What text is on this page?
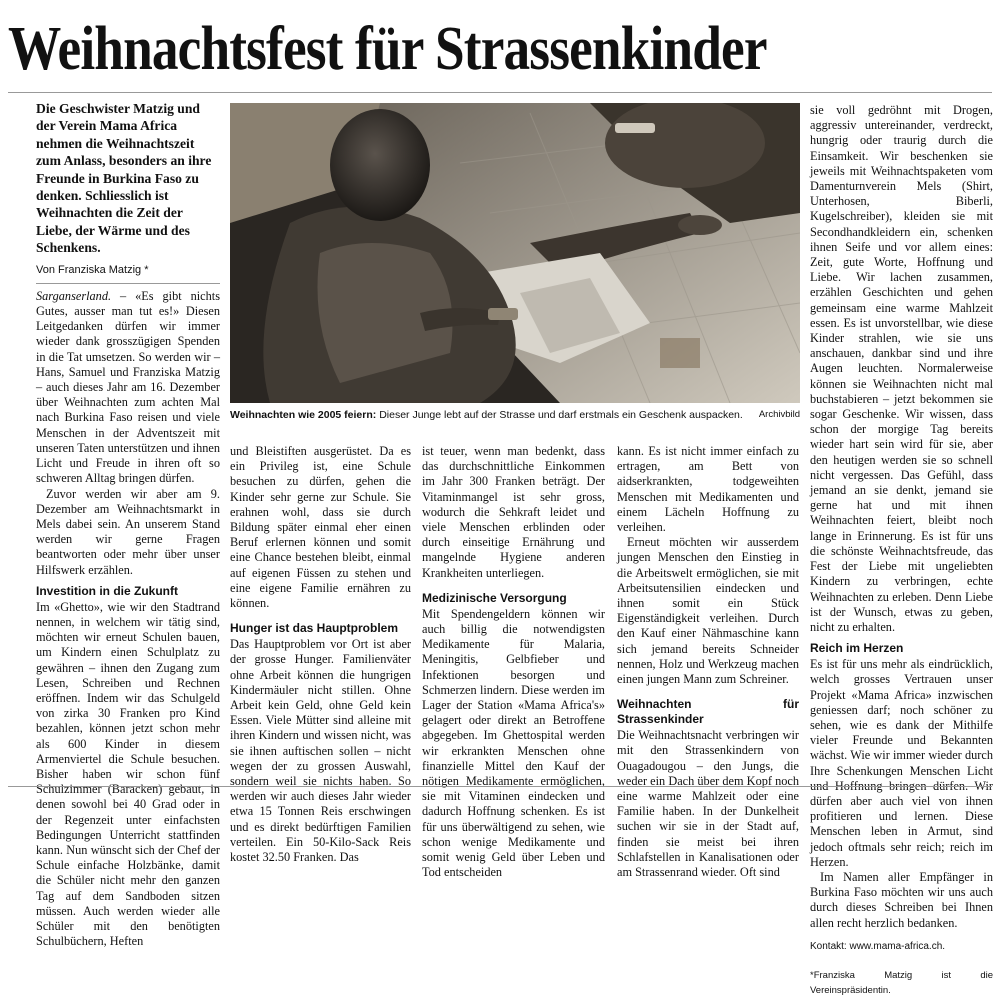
Weihnachtsfest für Strassenkinder
Die Geschwister Matzig und der Verein Mama Africa nehmen die Weihnachtszeit zum Anlass, besonders an ihre Freunde in Burkina Faso zu denken. Schliesslich ist Weihnachten die Zeit der Liebe, der Wärme und des Schenkens.
Von Franziska Matzig *

Sarganserland. – «Es gibt nichts Gutes, ausser man tut es!» Diesen Leitgedanken dürfen wir immer wieder dank grosszügigen Spenden in die Tat umsetzen. So werden wir – Hans, Samuel und Franziska Matzig – auch dieses Jahr am 16. Dezember über Weihnachten zum achten Mal nach Burkina Faso reisen und viele Menschen in der Adventszeit mit unseren Taten unterstützen und ihnen Licht und Freude in ihren oft so schweren Alltag bringen dürfen.

Zuvor werden wir aber am 9. Dezember am Weihnachtsmarkt in Mels dabei sein. An unserem Stand werden wir gerne Fragen beantworten oder mehr über unser Hilfswerk erzählen.

Investition in die Zukunft

Im «Ghetto», wie wir den Stadtrand nennen, in welchem wir tätig sind, möchten wir erneut Schulen bauen, um Kindern einen Schulplatz zu gewähren – ihnen den Zugang zum Lesen, Schreiben und Rechnen eröffnen. Indem wir das Schulgeld von zirka 30 Franken pro Kind bezahlen, können jetzt schon mehr als 600 Kinder in diesem Armenviertel die Schule besuchen. Bisher haben wir schon fünf Schulzimmer (Baracken) gebaut, in denen sowohl bei 40 Grad oder in der Regenzeit unter einfachsten Bedingungen Unterricht stattfinden kann. Nun wünscht sich der Chef der Schule einfache Holzbänke, damit die Schüler nicht mehr den ganzen Tag auf dem Sandboden sitzen müssen. Auch werden wieder alle Schüler mit den benötigten Schulbüchern, Heften

Weihnachten wie 2005 feiern: Dieser Junge lebt auf der Strasse und darf erstmals ein Geschenk auspacken. Archivbild

und Bleistiften ausgerüstet. Da es ein Privileg ist, eine Schule besuchen zu dürfen, gehen die Kinder sehr gerne zur Schule. Sie erahnen wohl, dass sie durch Bildung später einmal eher einen Beruf erlernen können und somit eine Chance bestehen bleibt, einmal auf eigenen Füssen zu stehen und eine eigene Familie ernähren zu können.

Hunger ist das Hauptproblem

Das Hauptproblem vor Ort ist aber der grosse Hunger. Familienväter ohne Arbeit können die hungrigen Kindermäuler nicht stillen. Ohne Arbeit kein Geld, ohne Geld kein Essen. Viele Mütter sind alleine mit ihren Kindern und wissen nicht, was sie ihnen auftischen sollen – nicht wegen der zu grossen Auswahl, sondern weil sie nichts haben. So werden wir auch dieses Jahr wieder etwa 15 Tonnen Reis erschwingen und es direkt bedürftigen Familien verteilen. Ein 50-Kilo-Sack Reis kostet 32.50 Franken. Das

ist teuer, wenn man bedenkt, dass das durchschnittliche Einkommen im Jahr 300 Franken beträgt. Der Vitaminmangel ist sehr gross, wodurch die Sehkraft leidet und viele Menschen erblinden oder durch einseitige Ernährung und mangelnde Hygiene anderen Krankheiten unterliegen.

Medizinische Versorgung

Mit Spendengeldern können wir auch billig die notwendigsten Medikamente für Malaria, Meningitis, Gelbfieber und Infektionen besorgen und Schmerzen lindern. Diese werden im Lager der Station «Mama Africa's» gelagert oder direkt an Betroffene abgegeben. Im Ghettospital werden wir erkrankten Menschen ohne finanzielle Mittel den Kauf der nötigen Medikamente ermöglichen, sie mit Vitaminen eindecken und dadurch Hoffnung schenken. Es ist für uns überwältigend zu sehen, wie schon wenige Medikamente und somit wenig Geld über Leben und Tod entscheiden

kann. Es ist nicht immer einfach zu ertragen, am Bett von aidserkrankten, todgeweihten Menschen mit Medikamenten und einem Lächeln Hoffnung zu verleihen.

Erneut möchten wir ausserdem jungen Menschen den Einstieg in die Arbeitswelt ermöglichen, sie mit Arbeitsutensilien eindecken und ihnen somit ein Stück Eigenständigkeit verleihen. Durch den Kauf einer Nähmaschine kann sich jemand bereits Schneider nennen, Holz und Werkzeug machen einen jungen Mann zum Schreiner.

Weihnachten für Strassenkinder

Die Weihnachtsnacht verbringen wir mit den Strassenkindern von Ouagadougou – den Jungs, die weder ein Dach über dem Kopf noch eine warme Mahlzeit oder eine Familie haben. In der Dunkelheit suchen wir sie in der Stadt auf, finden sie meist bei ihren Schlafstellen in Kanalisationen oder am Strassenrand wieder. Oft sind

sie voll gedröhnt mit Drogen, aggressiv untereinander, verdreckt, hungrig oder traurig durch die Einsamkeit. Wir beschenken sie jeweils mit Weihnachtspaketen vom Damenturnverein Mels (Shirt, Unterhosen, Biberli, Kugelschreiber), kleiden sie mit Secondhandkleidern ein, schenken ihnen Seife und vor allem eines: Zeit, gute Worte, Hoffnung und Liebe. Wir lachen zusammen, erzählen Geschichten und gehen gemeinsam eine warme Mahlzeit essen. Es ist unvorstellbar, wie diese Kinder strahlen, wie sie uns anschauen, dankbar sind und ihre Augen leuchten. Normalerweise können sie Weihnachten nicht mal buchstabieren – jetzt bekommen sie sogar Geschenke. Wir wissen, dass schon der morgige Tag bereits wieder hart sein wird für sie, aber den heutigen werden sie so schnell nicht vergessen. Das Gefühl, dass jemand an sie denkt, jemand sie gerne hat und mit ihnen Weihnachten feiert, bleibt noch lange in Erinnerung. Es ist für uns die schönste Weihnachtsfreude, das Fest der Liebe mit ungeliebten Kindern zu verbringen, echte Weihnachten zu erleben. Denn Liebe ist der Wunsch, etwas zu geben, nicht zu erhalten.

Reich im Herzen

Es ist für uns mehr als eindrücklich, welch grosses Vertrauen unser Projekt «Mama Africa» inzwischen geniessen darf; noch schöner zu sehen, wie es dank der Mithilfe vieler Freunde und Bekannten wächst. Wie wir immer wieder durch Ihre Schenkungen Menschen Licht und Hoffnung bringen dürfen. Wir dürfen aber auch viel von ihnen profitieren und lernen. Diese Menschen leben in Armut, sind jedoch oftmals sehr reich; reich im Herzen.

Im Namen aller Empfänger in Burkina Faso möchten wir uns auch durch dieses Schreiben bei Ihnen allen recht herzlich bedanken.

Kontakt: www.mama-africa.ch.
*Franziska Matzig ist die Vereinspräsidentin.
